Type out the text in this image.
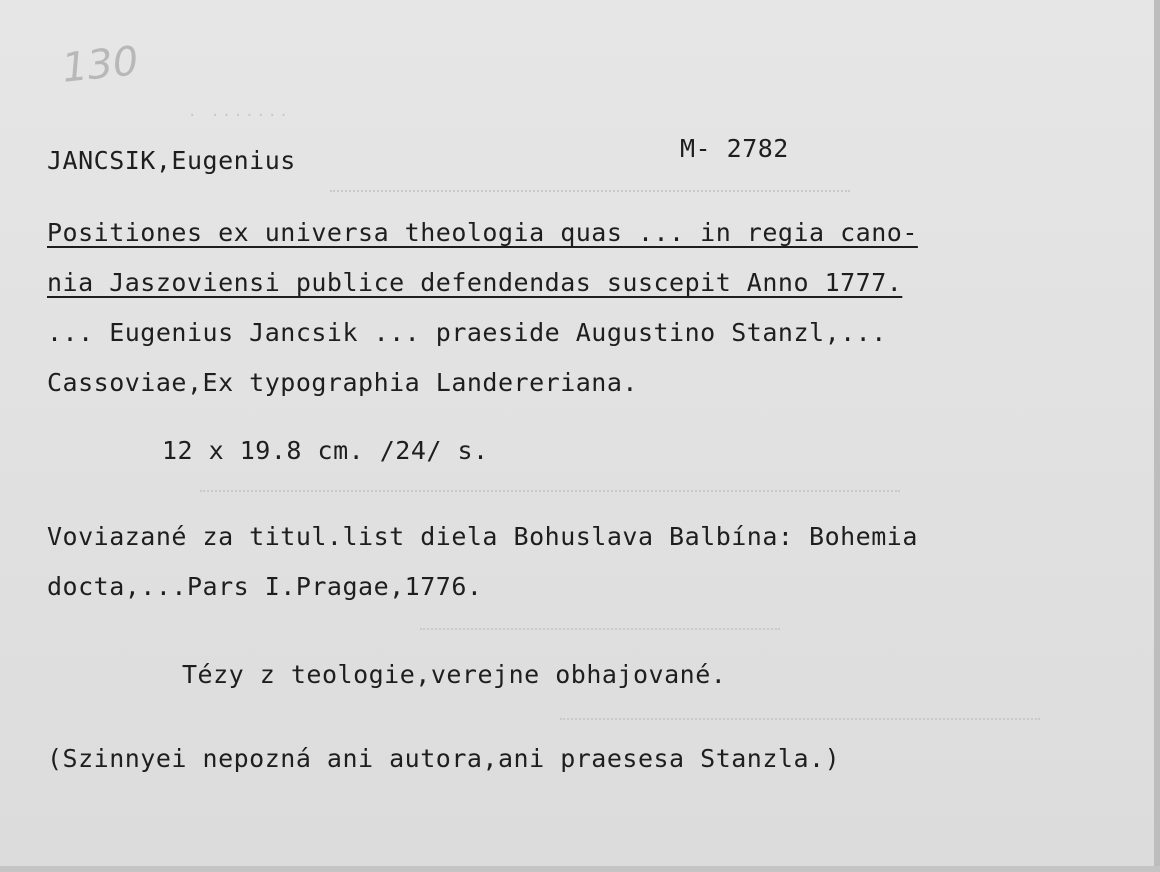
130
· ·······
JANCSIK,Eugenius	M- 2782
Positiones ex universa theologia quas ... in regia cano-
nia Jaszoviensi publice defendendas suscepit Anno 1777.
... Eugenius Jancsik ... praeside Augustino Stanzl,...
Cassoviae,Ex typographia Landereriana.
12 x 19.8 cm. /24/ s.
Voviazané za titul.list diela Bohuslava Balbína: Bohemia
docta,...Pars I.Pragae,1776.
Tézy z teologie,verejne obhajované.
(Szinnyei nepozná ani autora,ani praesesa Stanzla.)
